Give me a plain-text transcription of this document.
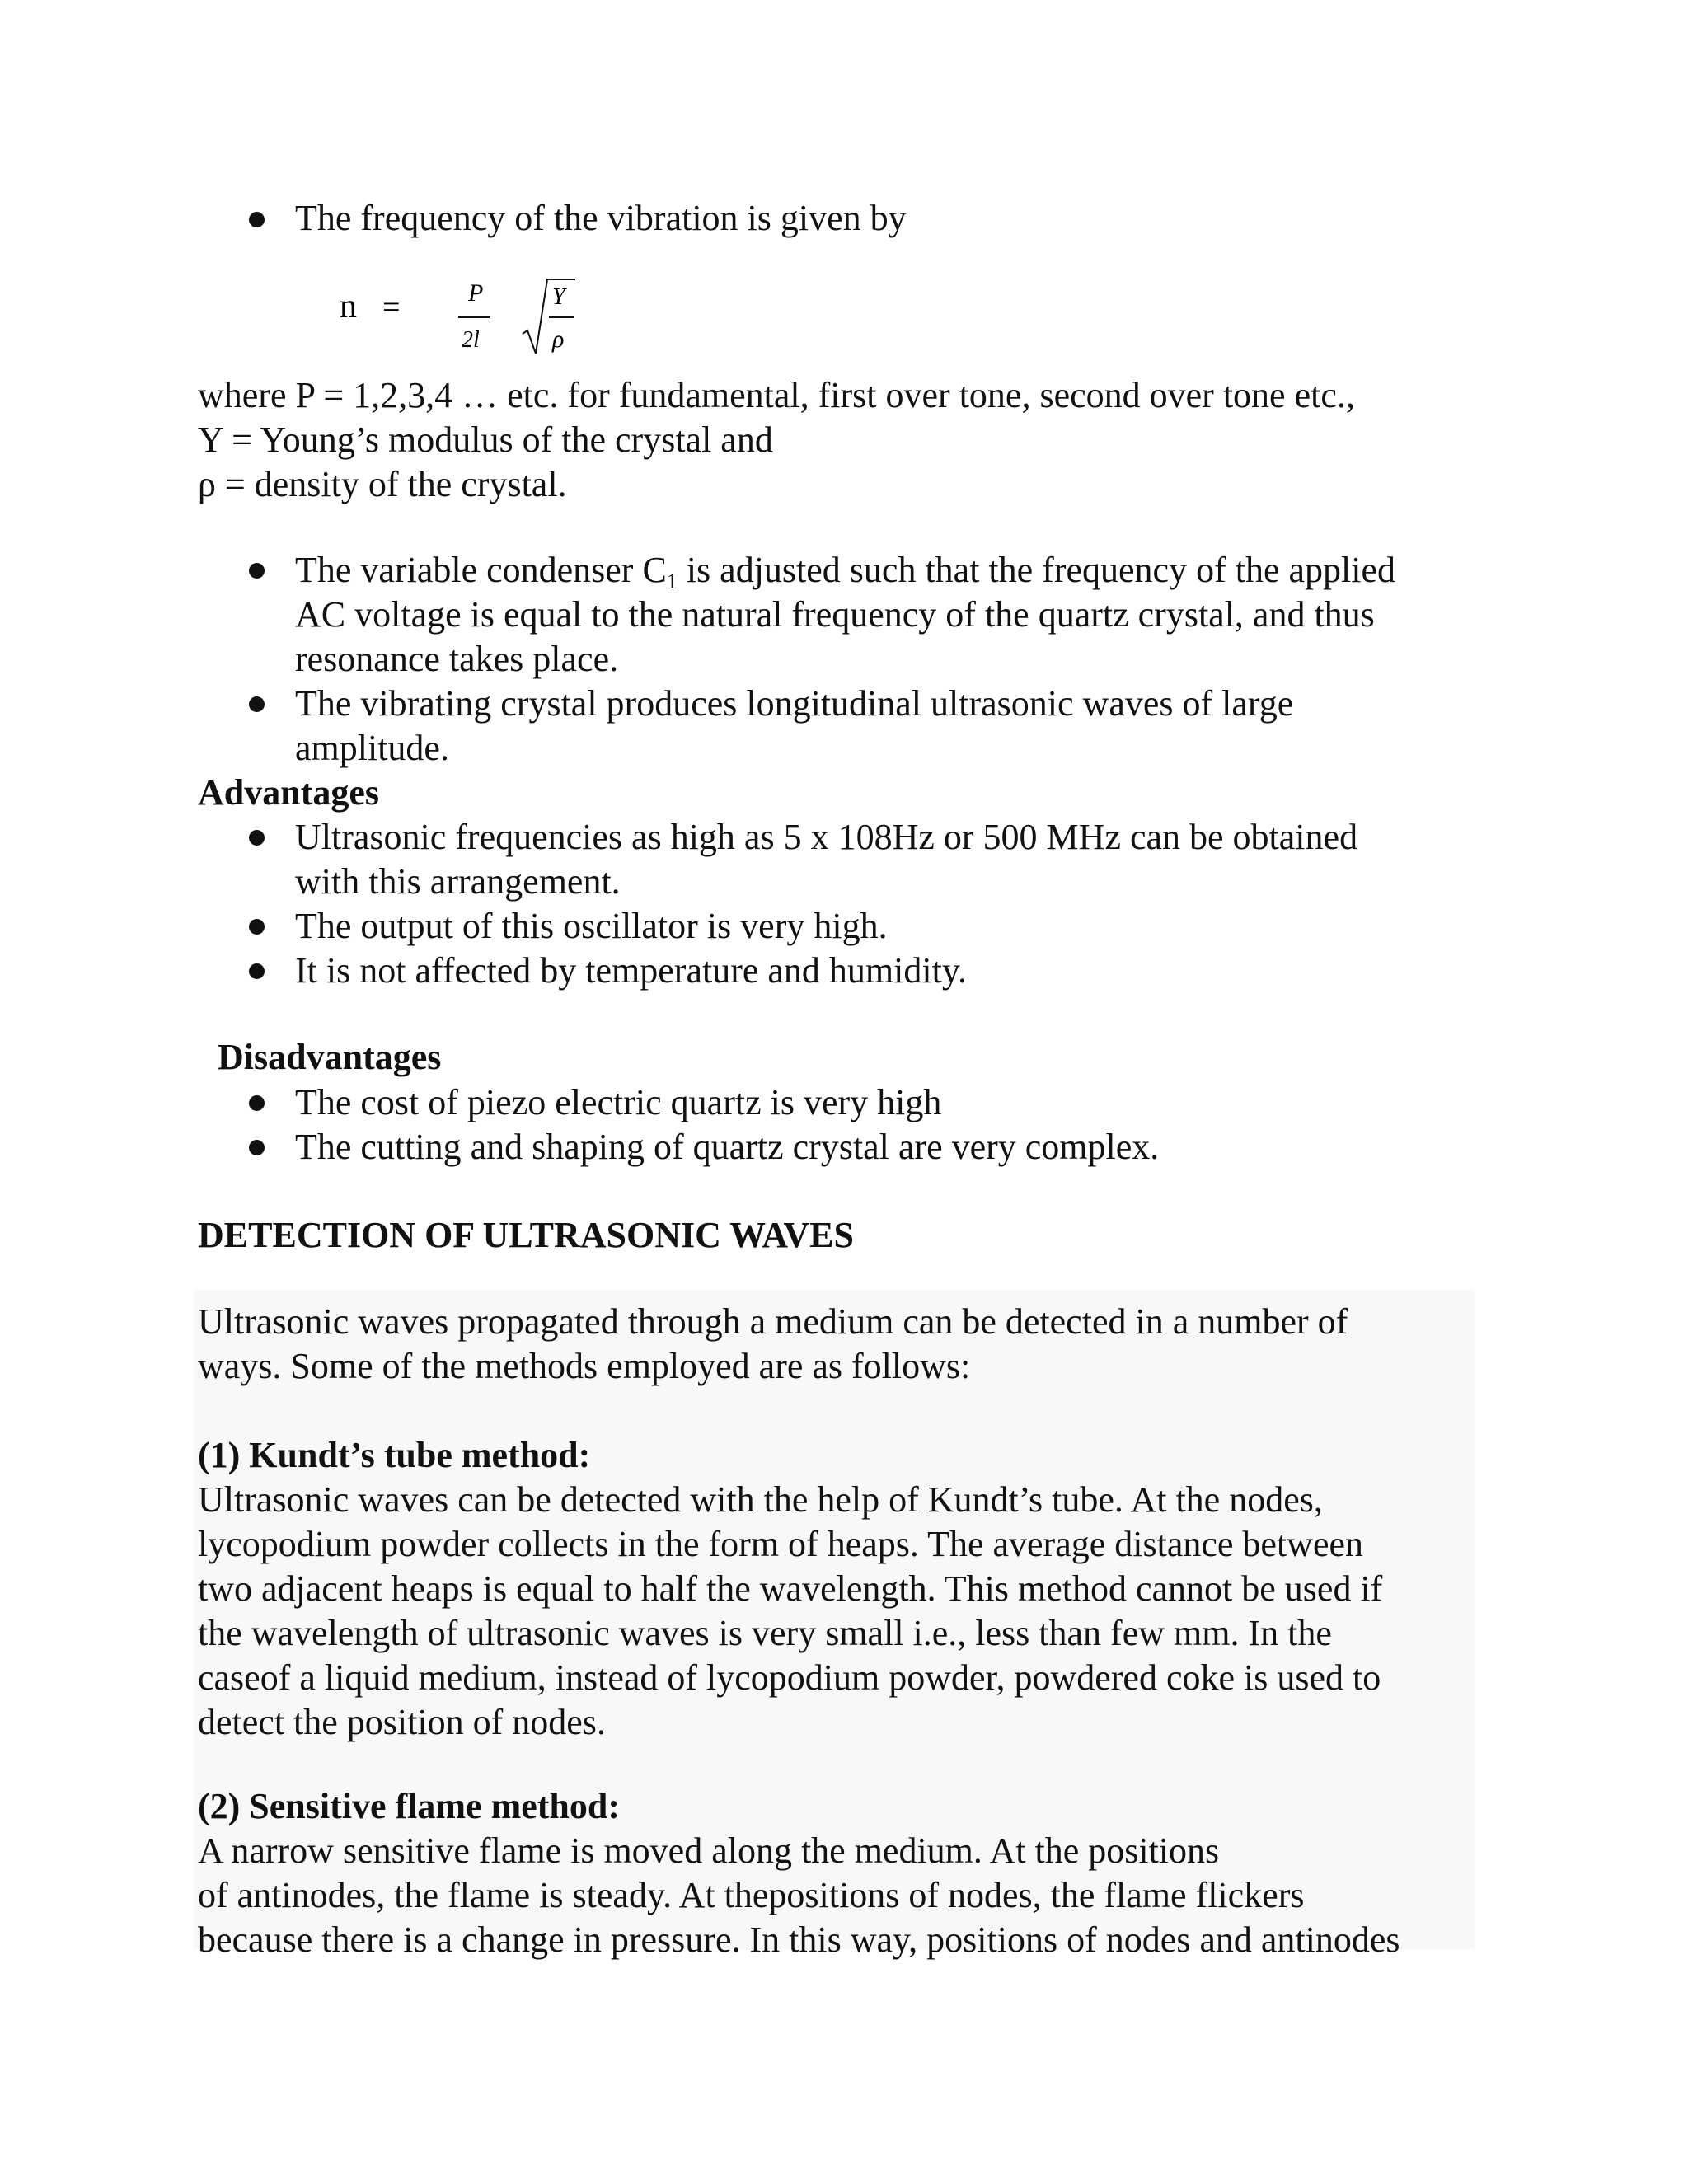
The frequency of the vibration is given by
n =	P
2l
Y
ρ
where P = 1,2,3,4 … etc. for fundamental, first over tone, second over tone etc.,
Y = Young’s modulus of the crystal and
ρ = density of the crystal.
The variable condenser $C_1$ is adjusted such that the frequency of the applied
AC voltage is equal to the natural frequency of the quartz crystal, and thus
resonance takes place.
The vibrating crystal produces longitudinal ultrasonic waves of large
amplitude.
Advantages
Ultrasonic frequencies as high as 5 x 108Hz or 500 MHz can be obtained
with this arrangement.
The output of this oscillator is very high.
It is not affected by temperature and humidity.
Disadvantages
The cost of piezo electric quartz is very high
The cutting and shaping of quartz crystal are very complex.
DETECTION OF ULTRASONIC WAVES
Ultrasonic waves propagated through a medium can be detected in a number of
ways. Some of the methods employed are as follows:
(1) Kundt’s tube method:
Ultrasonic waves can be detected with the help of Kundt’s tube. At the nodes,
lycopodium powder collects in the form of heaps. The average distance between
two adjacent heaps is equal to half the wavelength. This method cannot be used if
the wavelength of ultrasonic waves is very small i.e., less than few mm. In the
caseof a liquid medium, instead of lycopodium powder, powdered coke is used to
detect the position of nodes.
(2) Sensitive flame method:
A narrow sensitive flame is moved along the medium. At the positions
of antinodes, the flame is steady. At thepositions of nodes, the flame flickers
because there is a change in pressure. In this way, positions of nodes and antinodes
